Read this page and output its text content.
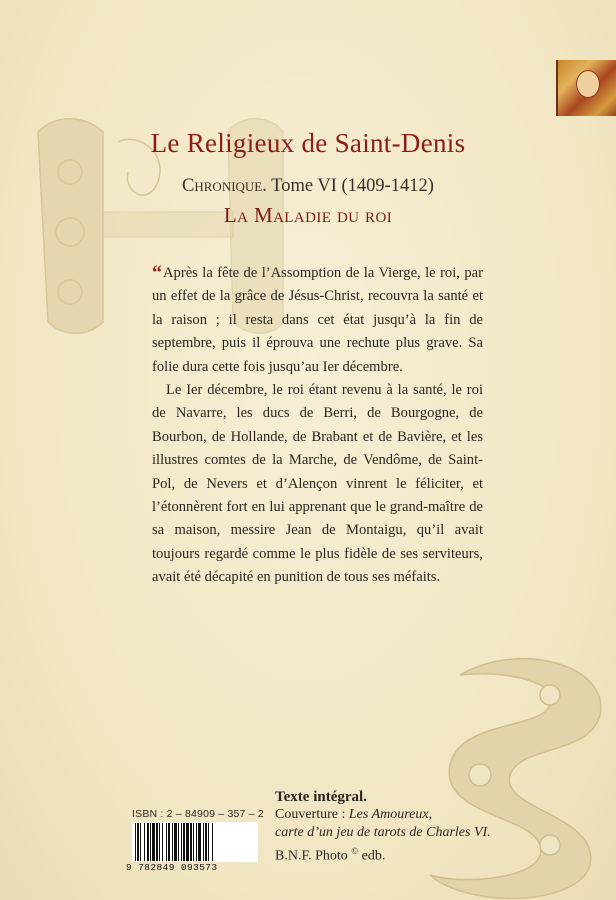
Le Religieux de Saint-Denis
Chronique. Tome VI (1409-1412)
La Maladie du roi

“Après la fête de l’Assomption de la Vierge, le roi, par un effet de la grâce de Jésus-Christ, recouvra la santé et la raison ; il resta dans cet état jusqu’à la fin de septembre, puis il éprouva une rechute plus grave. Sa folie dura cette fois jusqu’au Ier décembre.

Le Ier décembre, le roi étant revenu à la santé, le roi de Navarre, les ducs de Berri, de Bourgogne, de Bourbon, de Hollande, de Brabant et de Bavière, et les illustres comtes de la Marche, de Vendôme, de Saint-Pol, de Nevers et d’Alençon vinrent le féliciter, et l’étonnèrent fort en lui apprenant que le grand-maître de sa maison, messire Jean de Montaigu, qu’il avait toujours regardé comme le plus fidèle de ses serviteurs, avait été décapité en punition de tous ses méfaits.

ISBN : 2 – 84909 – 357 – 2
9 782849 093573
Texte intégral.
Couverture : Les Amoureux,
carte d’un jeu de tarots de Charles VI.
B.N.F. Photo © edb.
